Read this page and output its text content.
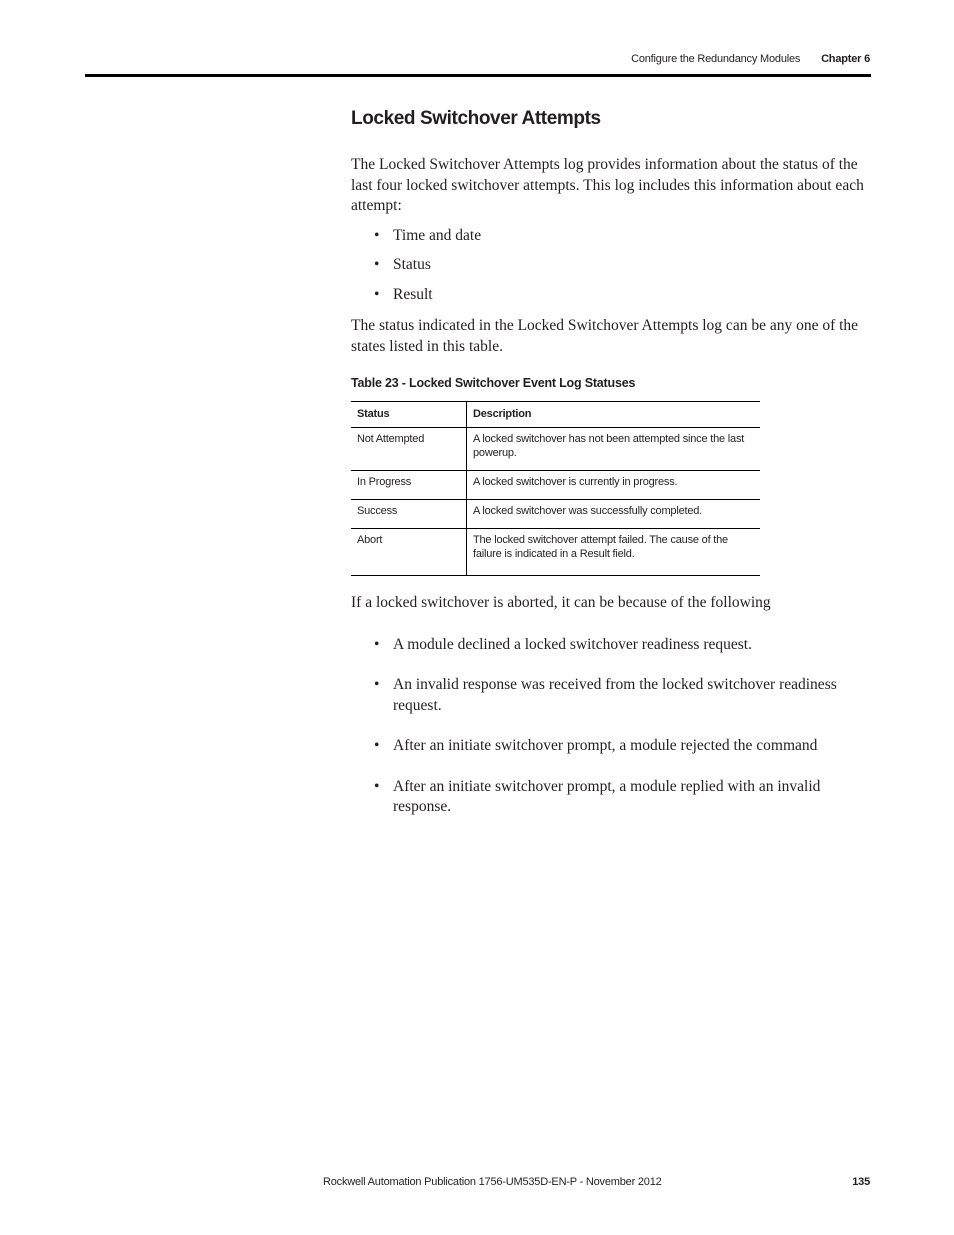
Configure the Redundancy Modules Chapter 6
Locked Switchover Attempts

The Locked Switchover Attempts log provides information about the status of the last four locked switchover attempts. This log includes this information about each attempt:

• Time and date
• Status
• Result

The status indicated in the Locked Switchover Attempts log can be any one of the states listed in this table.

Table 23 - Locked Switchover Event Log Statuses
Status	Description
Not Attempted	A locked switchover has not been attempted since the last powerup.
In Progress	A locked switchover is currently in progress.
Success	A locked switchover was successfully completed.
Abort	The locked switchover attempt failed. The cause of the failure is indicated in a Result field.

If a locked switchover is aborted, it can be because of the following

• A module declined a locked switchover readiness request.
• An invalid response was received from the locked switchover readiness request.
• After an initiate switchover prompt, a module rejected the command
• After an initiate switchover prompt, a module replied with an invalid response.
Rockwell Automation Publication 1756-UM535D-EN-P - November 2012	135
